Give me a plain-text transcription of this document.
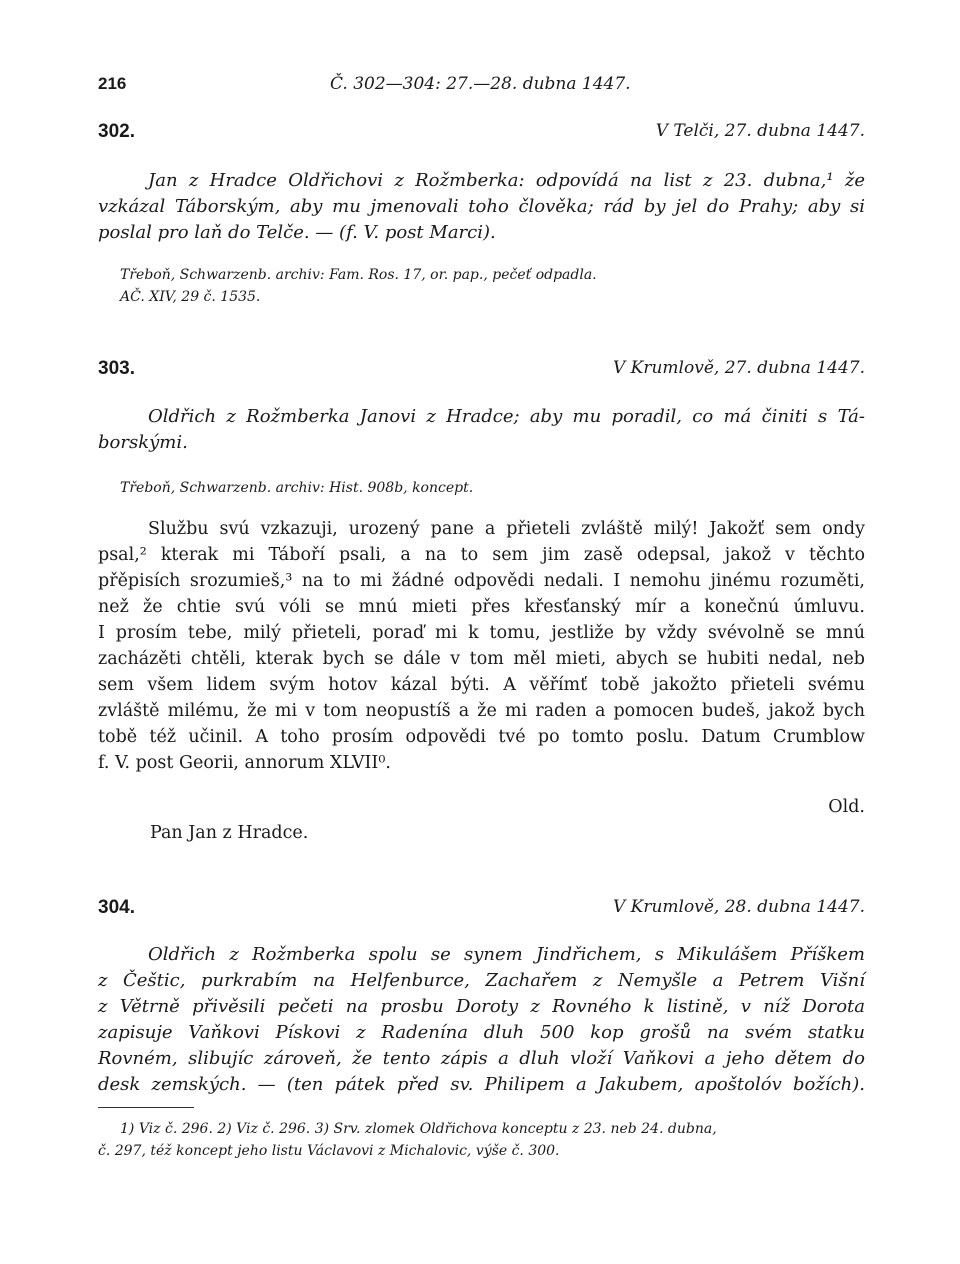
216	Č. 302—304: 27.—28. dubna 1447.
302.	V Telči, 27. dubna 1447.
Jan z Hradce Oldřichovi z Rožmberka: odpovídá na list z 23. dubna,¹ že
vzkázal Táborským, aby mu jmenovali toho člověka; rád by jel do Prahy; aby si
poslal pro laň do Telče. — (f. V. post Marci).
Třeboň, Schwarzenb. archiv: Fam. Ros. 17, or. pap., pečeť odpadla.
AČ. XIV, 29 č. 1535.
303.	V Krumlově, 27. dubna 1447.
Oldřich z Rožmberka Janovi z Hradce; aby mu poradil, co má činiti s Tá-
borskými.
Třeboň, Schwarzenb. archiv: Hist. 908b, koncept.
Službu svú vzkazuji, urozený pane a přieteli zvláště milý! Jakožť sem ondy
psal,² kterak mi Táboří psali, a na to sem jim zasě odepsal, jakož v těchto
přěpisích srozumieš,³ na to mi žádné odpovědi nedali. I nemohu jinému rozuměti,
než že chtie svú vóli se mnú mieti přes křesťanský mír a konečnú úmluvu.
I prosím tebe, milý přieteli, poraď mi k tomu, jestliže by vždy svévolně se mnú
zacházěti chtěli, kterak bych se dále v tom měl mieti, abych se hubiti nedal, neb
sem všem lidem svým hotov kázal býti. A věřímť tobě jakožto přieteli svému
zvláště milému, že mi v tom neopustíš a že mi raden a pomocen budeš, jakož bych
tobě též učinil. A toho prosím odpovědi tvé po tomto poslu. Datum Crumblow
f. V. post Georii, annorum XLVII⁰.
Old.
Pan Jan z Hradce.
304.	V Krumlově, 28. dubna 1447.
Oldřich z Rožmberka spolu se synem Jindřichem, s Mikulášem Příškem
z Češtic, purkrabím na Helfenburce, Zachařem z Nemyšle a Petrem Višní
z Větrně přivěsili pečeti na prosbu Doroty z Rovného k listině, v níž Dorota
zapisuje Vaňkovi Pískovi z Radenína dluh 500 kop grošů na svém statku
Rovném, slibujíc zároveň, že tento zápis a dluh vloží Vaňkovi a jeho dětem do
desk zemských. — (ten pátek před sv. Philipem a Jakubem, apoštolóv božích).
1) Viz č. 296. 2) Viz č. 296. 3) Srv. zlomek Oldřichova konceptu z 23. neb 24. dubna,
č. 297, též koncept jeho listu Václavovi z Michalovic, výše č. 300.
